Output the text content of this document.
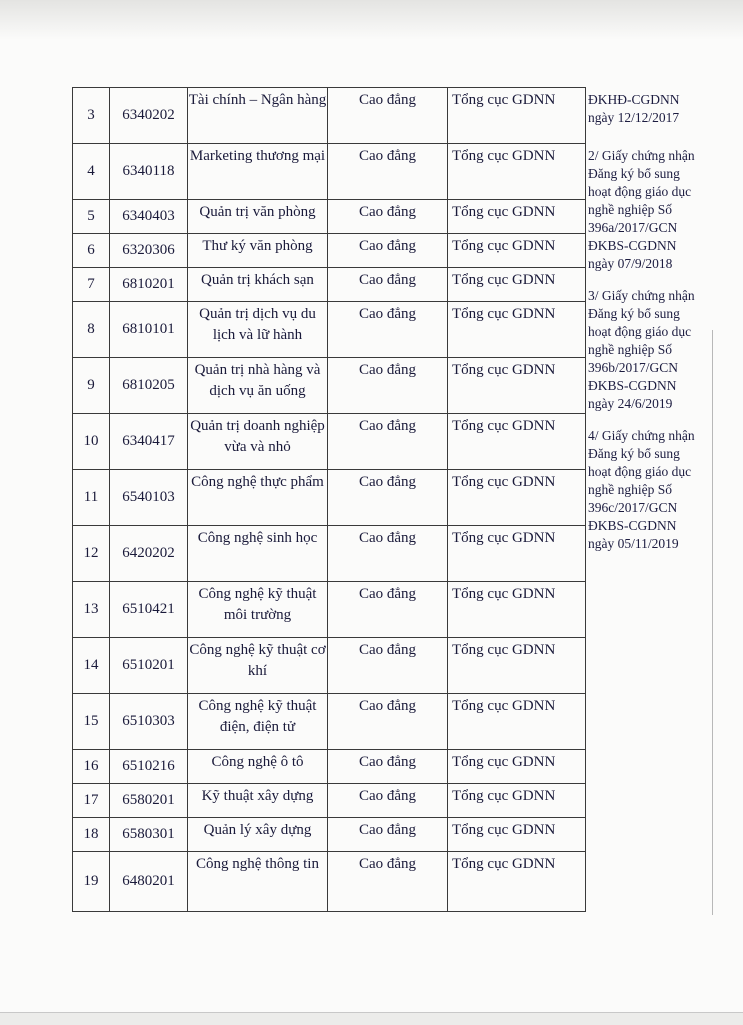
3	6340202	Tài chính – Ngân hàng	Cao đẳng	Tổng cục GDNN
4	6340118	Marketing thương mại	Cao đẳng	Tổng cục GDNN
5	6340403	Quản trị văn phòng	Cao đẳng	Tổng cục GDNN
6	6320306	Thư ký văn phòng	Cao đẳng	Tổng cục GDNN
7	6810201	Quản trị khách sạn	Cao đẳng	Tổng cục GDNN
8	6810101	Quản trị dịch vụ du lịch và lữ hành	Cao đẳng	Tổng cục GDNN
9	6810205	Quản trị nhà hàng và dịch vụ ăn uống	Cao đẳng	Tổng cục GDNN
10	6340417	Quản trị doanh nghiệp vừa và nhỏ	Cao đẳng	Tổng cục GDNN
11	6540103	Công nghệ thực phẩm	Cao đẳng	Tổng cục GDNN
12	6420202	Công nghệ sinh học	Cao đẳng	Tổng cục GDNN
13	6510421	Công nghệ kỹ thuật môi trường	Cao đẳng	Tổng cục GDNN
14	6510201	Công nghệ kỹ thuật cơ khí	Cao đẳng	Tổng cục GDNN
15	6510303	Công nghệ kỹ thuật điện, điện tử	Cao đẳng	Tổng cục GDNN
16	6510216	Công nghệ ô tô	Cao đẳng	Tổng cục GDNN
17	6580201	Kỹ thuật xây dựng	Cao đẳng	Tổng cục GDNN
18	6580301	Quản lý xây dựng	Cao đẳng	Tổng cục GDNN
19	6480201	Công nghệ thông tin	Cao đẳng	Tổng cục GDNN
ĐKHĐ-CGDNN
ngày 12/12/2017
2/ Giấy chứng nhận
Đăng ký bổ sung
hoạt động giáo dục
nghề nghiệp Số
396a/2017/GCN
ĐKBS-CGDNN
ngày 07/9/2018
3/ Giấy chứng nhận
Đăng ký bổ sung
hoạt động giáo dục
nghề nghiệp Số
396b/2017/GCN
ĐKBS-CGDNN
ngày 24/6/2019
4/ Giấy chứng nhận
Đăng ký bổ sung
hoạt động giáo dục
nghề nghiệp Số
396c/2017/GCN
ĐKBS-CGDNN
ngày 05/11/2019
